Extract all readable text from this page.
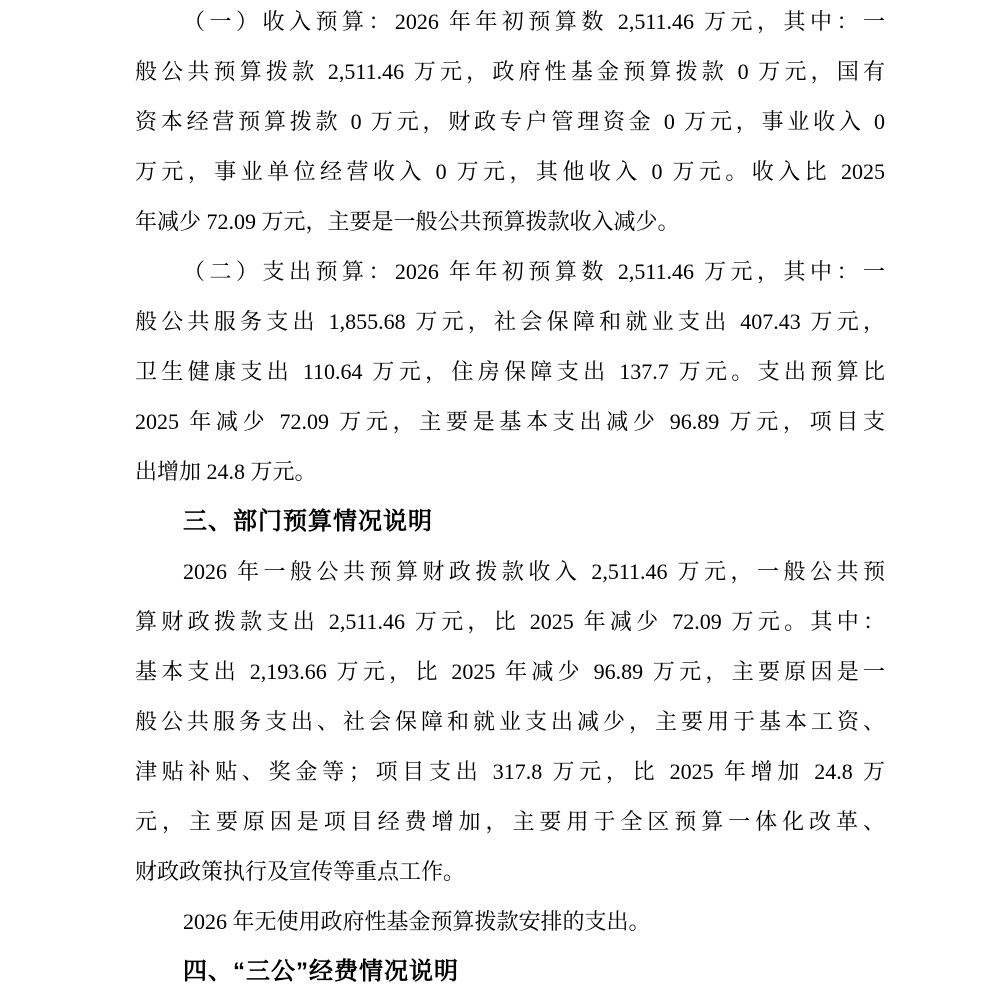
（一）收入预算：2026 年年初预算数 2,511.46 万元，其中：一
般公共预算拨款 2,511.46 万元，政府性基金预算拨款 0 万元，国有
资本经营预算拨款 0 万元，财政专户管理资金 0 万元，事业收入 0
万元，事业单位经营收入 0 万元，其他收入 0 万元。收入比 2025
年减少 72.09 万元，主要是一般公共预算拨款收入减少。
（二）支出预算：2026 年年初预算数 2,511.46 万元，其中：一
般公共服务支出 1,855.68 万元，社会保障和就业支出 407.43 万元，
卫生健康支出 110.64 万元，住房保障支出 137.7 万元。支出预算比
2025 年减少 72.09 万元，主要是基本支出减少 96.89 万元，项目支
出增加 24.8 万元。
三、部门预算情况说明
2026 年一般公共预算财政拨款收入 2,511.46 万元，一般公共预
算财政拨款支出 2,511.46 万元，比 2025 年减少 72.09 万元。其中：
基本支出 2,193.66 万元，比 2025 年减少 96.89 万元，主要原因是一
般公共服务支出、社会保障和就业支出减少，主要用于基本工资、
津贴补贴、奖金等；项目支出 317.8 万元，比 2025 年增加 24.8 万
元，主要原因是项目经费增加，主要用于全区预算一体化改革、
财政政策执行及宣传等重点工作。
2026 年无使用政府性基金预算拨款安排的支出。
四、“三公”经费情况说明
